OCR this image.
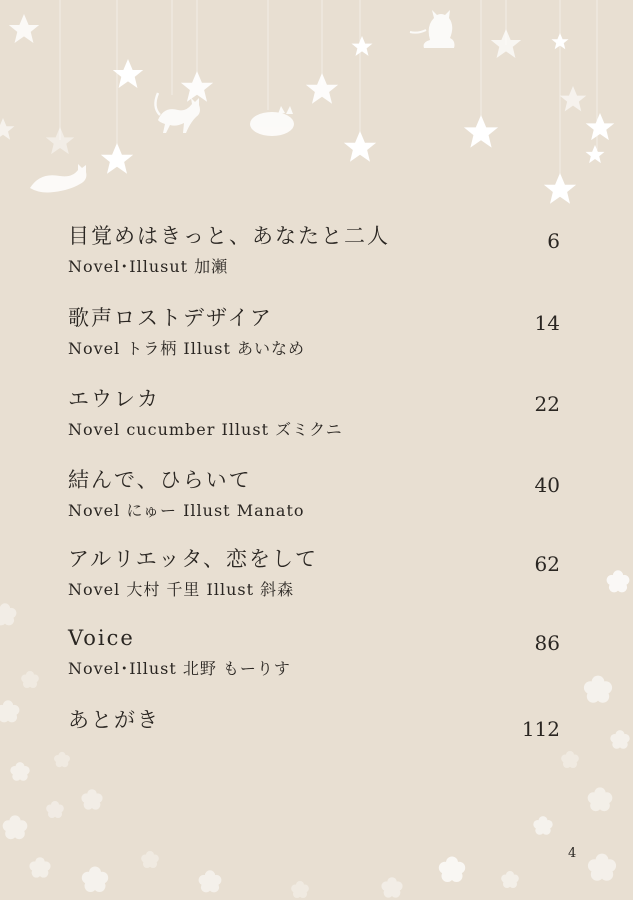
目覚めはきっと、あなたと二人
Novel･Illusut 加瀬
6
歌声ロストデザイア
Novel トラ柄 Illust あいなめ
14
エウレカ
Novel cucumber Illust ズミクニ
22
結んで、ひらいて
Novel にゅー Illust Manato
40
アルリエッタ、恋をして
Novel 大村 千里 Illust 斜森
62
Voice
Novel･Illust 北野 もーりす
86
あとがき	112
4
